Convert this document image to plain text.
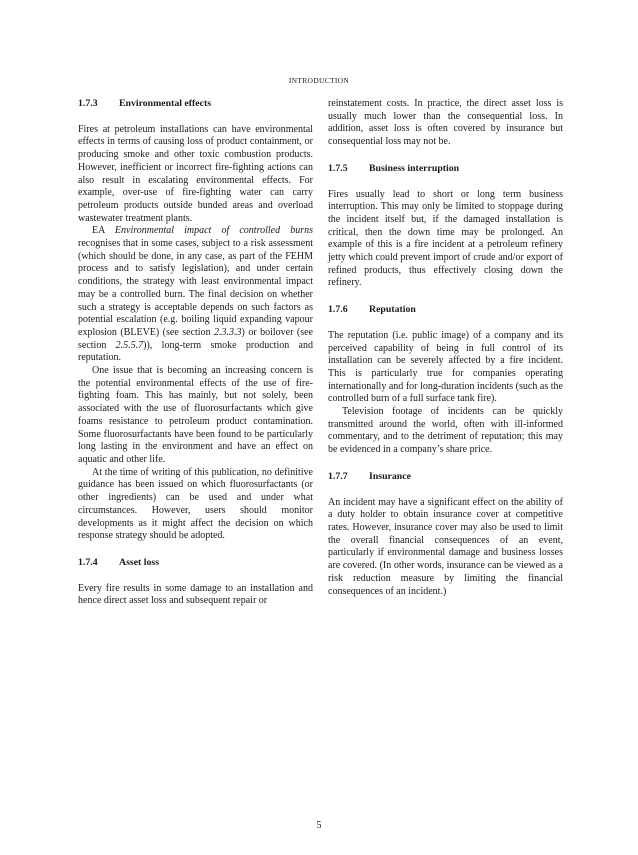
INTRODUCTION
1.7.3	Environmental effects

Fires at petroleum installations can have environmental effects in terms of causing loss of product containment, or producing smoke and other toxic combustion products. However, inefficient or incorrect fire-fighting actions can also result in escalating environmental effects. For example, over-use of fire-fighting water can carry petroleum products outside bunded areas and overload wastewater treatment plants.

EA Environmental impact of controlled burns recognises that in some cases, subject to a risk assessment (which should be done, in any case, as part of the FEHM process and to satisfy legislation), and under certain conditions, the strategy with least environmental impact may be a controlled burn. The final decision on whether such a strategy is acceptable depends on such factors as potential escalation (e.g. boiling liquid expanding vapour explosion (BLEVE) (see section 2.3.3.3) or boilover (see section 2.5.5.7)), long-term smoke production and reputation.

One issue that is becoming an increasing concern is the potential environmental effects of the use of fire-fighting foam. This has mainly, but not solely, been associated with the use of fluorosurfactants which give foams resistance to petroleum product contamination. Some fluorosurfactants have been found to be particularly long lasting in the environment and have an effect on aquatic and other life.

At the time of writing of this publication, no definitive guidance has been issued on which fluorosurfactants (or other ingredients) can be used and under what circumstances. However, users should monitor developments as it might affect the decision on which response strategy should be adopted.

1.7.4	Asset loss

Every fire results in some damage to an installation and hence direct asset loss and subsequent repair or

reinstatement costs. In practice, the direct asset loss is usually much lower than the consequential loss. In addition, asset loss is often covered by insurance but consequential loss may not be.

1.7.5	Business interruption

Fires usually lead to short or long term business interruption. This may only be limited to stoppage during the incident itself but, if the damaged installation is critical, then the down time may be prolonged. An example of this is a fire incident at a petroleum refinery jetty which could prevent import of crude and/or export of refined products, thus effectively closing down the refinery.

1.7.6	Reputation

The reputation (i.e. public image) of a company and its perceived capability of being in full control of its installation can be severely affected by a fire incident. This is particularly true for companies operating internationally and for long-duration incidents (such as the controlled burn of a full surface tank fire).

Television footage of incidents can be quickly transmitted around the world, often with ill-informed commentary, and to the detriment of reputation; this may be evidenced in a company’s share price.

1.7.7	Insurance

An incident may have a significant effect on the ability of a duty holder to obtain insurance cover at competitive rates. However, insurance cover may also be used to limit the overall financial consequences of an event, particularly if environmental damage and business losses are covered. (In other words, insurance can be viewed as a risk reduction measure by limiting the financial consequences of an incident.)

5
